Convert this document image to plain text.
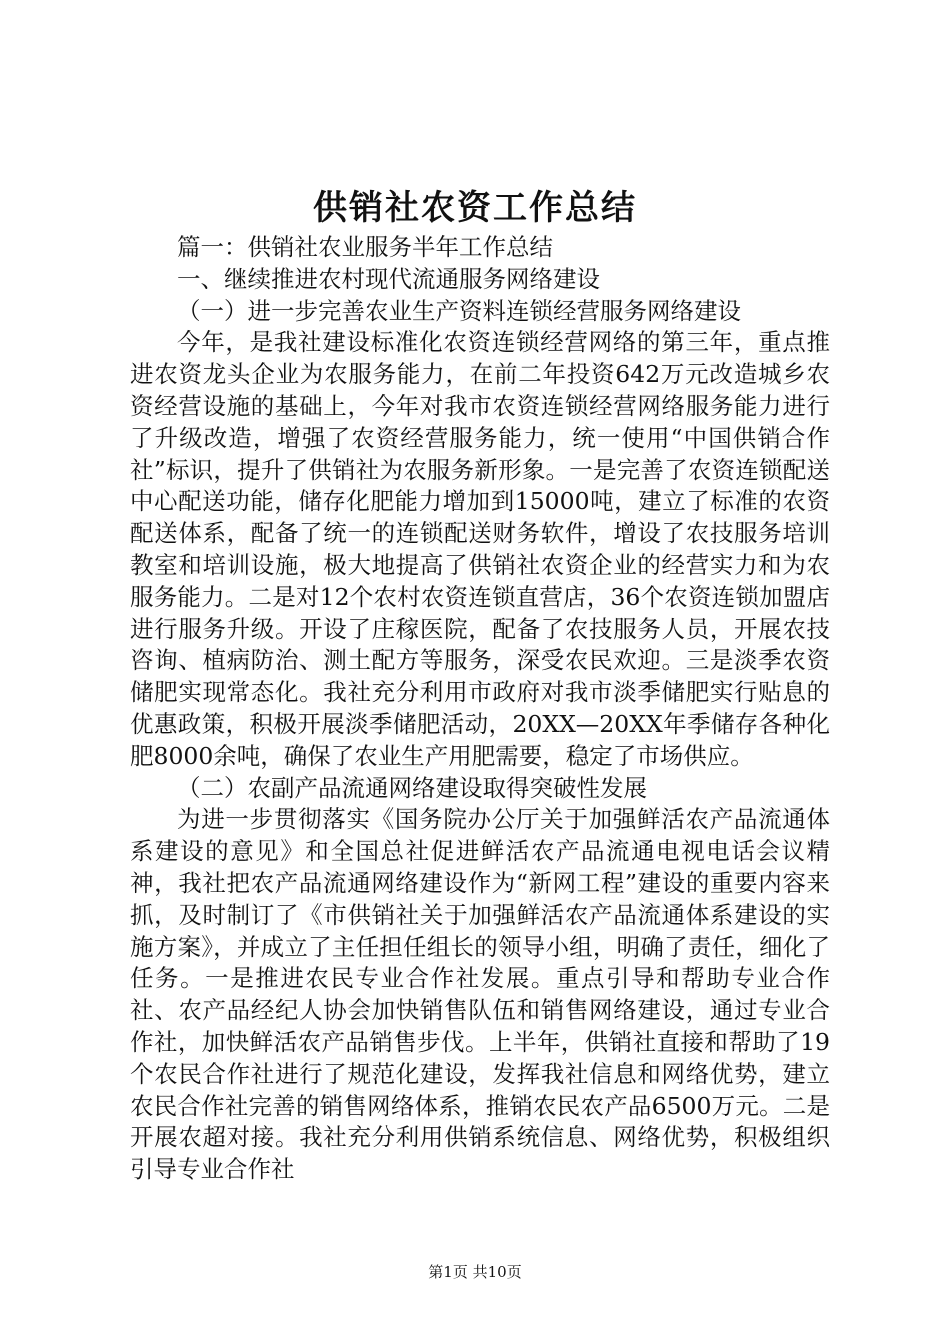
供销社农资工作总结

篇一：供销社农业服务半年工作总结

一、继续推进农村现代流通服务网络建设

（一）进一步完善农业生产资料连锁经营服务网络建设

今年，是我社建设标准化农资连锁经营网络的第三年，重点推进农资龙头企业为农服务能力，在前二年投资642万元改造城乡农资经营设施的基础上，今年对我市农资连锁经营网络服务能力进行了升级改造，增强了农资经营服务能力，统一使用“中国供销合作社”标识，提升了供销社为农服务新形象。一是完善了农资连锁配送中心配送功能，储存化肥能力增加到15000吨，建立了标准的农资配送体系，配备了统一的连锁配送财务软件，增设了农技服务培训教室和培训设施，极大地提高了供销社农资企业的经营实力和为农服务能力。二是对12个农村农资连锁直营店，36个农资连锁加盟店进行服务升级。开设了庄稼医院，配备了农技服务人员，开展农技咨询、植病防治、测土配方等服务，深受农民欢迎。三是淡季农资储肥实现常态化。我社充分利用市政府对我市淡季储肥实行贴息的优惠政策，积极开展淡季储肥活动，20XX—20XX年季储存各种化肥8000余吨，确保了农业生产用肥需要，稳定了市场供应。

（二）农副产品流通网络建设取得突破性发展

为进一步贯彻落实《国务院办公厅关于加强鲜活农产品流通体系建设的意见》和全国总社促进鲜活农产品流通电视电话会议精神，我社把农产品流通网络建设作为“新网工程”建设的重要内容来抓，及时制订了《市供销社关于加强鲜活农产品流通体系建设的实施方案》，并成立了主任担任组长的领导小组，明确了责任，细化了任务。一是推进农民专业合作社发展。重点引导和帮助专业合作社、农产品经纪人协会加快销售队伍和销售网络建设，通过专业合作社，加快鲜活农产品销售步伐。上半年，供销社直接和帮助了19个农民合作社进行了规范化建设，发挥我社信息和网络优势，建立农民合作社完善的销售网络体系，推销农民农产品6500万元。二是开展农超对接。我社充分利用供销系统信息、网络优势，积极组织引导专业合作社

第1页 共10页
